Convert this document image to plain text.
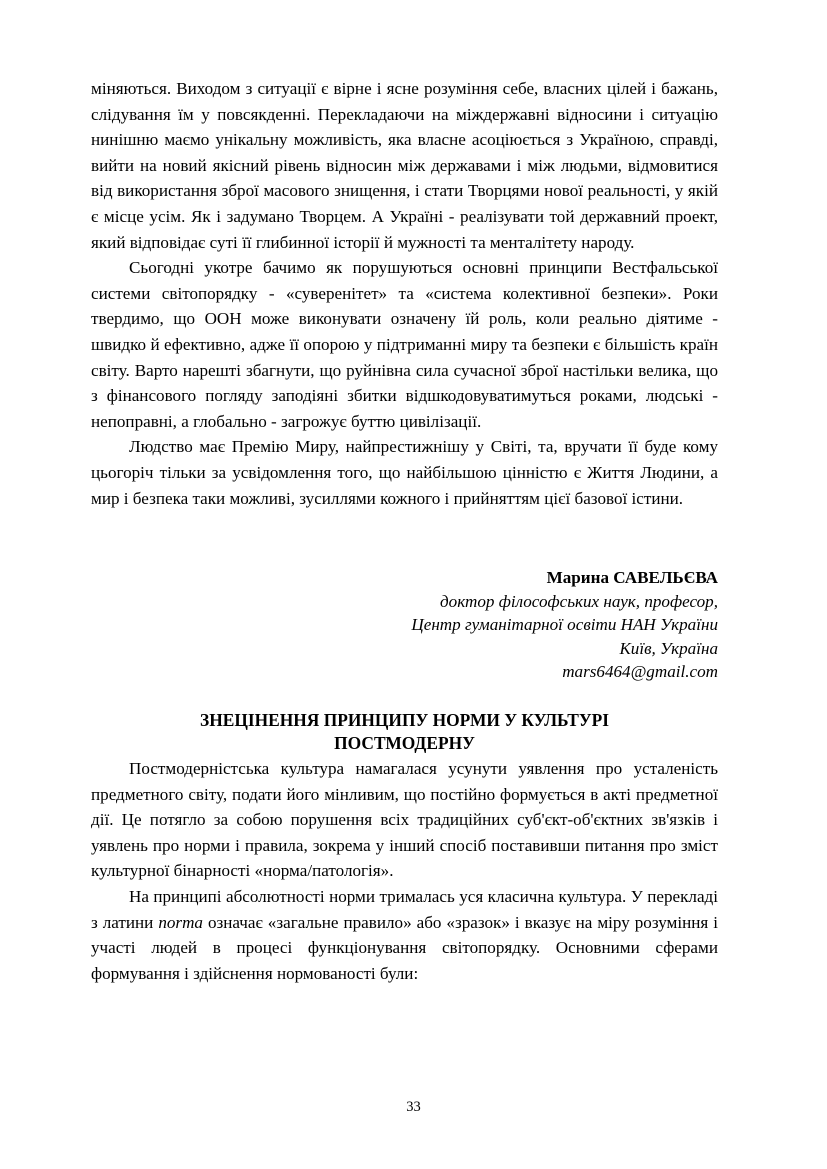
міняються. Виходом з ситуації є вірне і ясне розуміння себе, власних цілей і бажань, слідування їм у повсякденні. Перекладаючи на міждержавні відносини і ситуацію нинішню маємо унікальну можливість, яка власне асоціюється з Україною, справді, вийти на новий якісний рівень відносин між державами і між людьми, відмовитися від використання зброї масового знищення, і стати Творцями нової реальності, у якій є місце усім. Як і задумано Творцем. А Україні - реалізувати той державний проект, який відповідає суті її глибинної історії й мужності та менталітету народу.

Сьогодні укотре бачимо як порушуються основні принципи Вестфальської системи світопорядку - «суверенітет» та «система колективної безпеки». Роки твердимо, що ООН може виконувати означену їй роль, коли реально діятиме - швидко й ефективно, адже її опорою у підтриманні миру та безпеки є більшість країн світу. Варто нарешті збагнути, що руйнівна сила сучасної зброї настільки велика, що з фінансового погляду заподіяні збитки відшкодовуватимуться роками, людські - непоправні, а глобально - загрожує буттю цивілізації.

Людство має Премію Миру, найпрестижнішу у Світі, та, вручати її буде кому цьогоріч тільки за усвідомлення того, що найбільшою цінністю є Життя Людини, а мир і безпека таки можливі, зусиллями кожного і прийняттям цієї базової істини.

Марина САВЕЛЬЄВА
доктор філософських наук, професор,
Центр гуманітарної освіти НАН України
Київ, Україна
mars6464@gmail.com
ЗНЕЦІНЕННЯ ПРИНЦИПУ НОРМИ У КУЛЬТУРІ
ПОСТМОДЕРНУ

Постмодерністська культура намагалася усунути уявлення про усталеність предметного світу, подати його мінливим, що постійно формується в акті предметної дії. Це потягло за собою порушення всіх традиційних суб'єкт-об'єктних зв'язків і уявлень про норми і правила, зокрема у інший спосіб поставивши питання про зміст культурної бінарності «норма/патологія».

На принципі абсолютності норми трималась уся класична культура. У перекладі з латини norma означає «загальне правило» або «зразок» і вказує на міру розуміння і участі людей в процесі функціонування світопорядку. Основними сферами формування і здійснення нормованості були:

33
